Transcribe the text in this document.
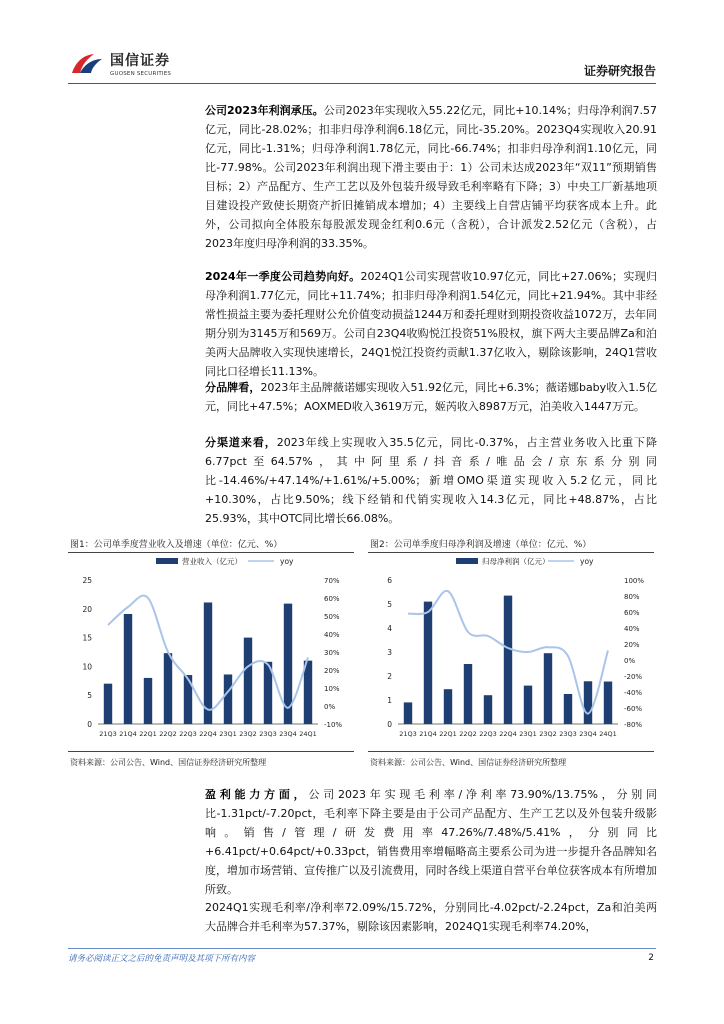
国信证券
GUOSEN SECURITIES	证券研究报告

公司2023年利润承压。公司2023年实现收入55.22亿元，同比+10.14%；归母净利润7.57亿元，同比-28.02%；扣非归母净利润6.18亿元，同比-35.20%。2023Q4实现收入20.91亿元，同比-1.31%；归母净利润1.78亿元，同比-66.74%；扣非归母净利润1.10亿元，同比-77.98%。公司2023年利润出现下滑主要由于：1）公司未达成2023年“双11”预期销售目标；2）产品配方、生产工艺以及外包装升级导致毛利率略有下降；3）中央工厂新基地项目建设投产致使长期资产折旧摊销成本增加；4）主要线上自营店铺平均获客成本上升。此外，公司拟向全体股东每股派发现金红利0.6元（含税），合计派发2.52亿元（含税），占2023年度归母净利润的33.35%。

2024年一季度公司趋势向好。2024Q1公司实现营收10.97亿元，同比+27.06%；实现归母净利润1.77亿元，同比+11.74%；扣非归母净利润1.54亿元，同比+21.94%。其中非经常性损益主要为委托理财公允价值变动损益1244万和委托理财到期投资收益1072万，去年同期分别为3145万和569万。公司自23Q4收购悦江投资51%股权，旗下两大主要品牌Za和泊美两大品牌收入实现快速增长，24Q1悦江投资约贡献1.37亿收入，剔除该影响，24Q1营收同比口径增长11.13%。

分品牌看，2023年主品牌薇诺娜实现收入51.92亿元，同比+6.3%；薇诺娜baby收入1.5亿元，同比+47.5%；AOXMED收入3619万元，姬芮收入8987万元，泊美收入1447万元。

分渠道来看，2023年线上实现收入35.5亿元，同比-0.37%，占主营业务收入比重下降6.77pct至64.57%，其中阿里系/抖音系/唯品会/京东系分别同比-14.46%/+47.14%/+1.61%/+5.00%；新增OMO渠道实现收入5.2亿元，同比+10.30%，占比9.50%；线下经销和代销实现收入14.3亿元，同比+48.87%，占比25.93%，其中OTC同比增长66.08%。

图1：公司单季度营业收入及增速（单位：亿元、%）
营业收入（亿元）	yoy
0
5
10
15
20
25
-10%
0%
10%
20%
30%
40%
50%
60%
70%
21Q3 21Q4 22Q1 22Q2 22Q3 22Q4 23Q1 23Q2 23Q3 23Q4 24Q1
资料来源：公司公告、Wind、国信证券经济研究所整理
图2：公司单季度归母净利润及增速（单位：亿元、%）
归母净利润（亿元）	yoy
0
1
2
3
4
5
6
-80%
-60%
-40%
-20%
0%
20%
40%
60%
80%
100%
21Q3 21Q4 22Q1 22Q2 22Q3 22Q4 23Q1 23Q2 23Q3 23Q4 24Q1
资料来源：公司公告、Wind、国信证券经济研究所整理

盈利能力方面，公司2023年实现毛利率/净利率73.90%/13.75%，分别同比-1.31pct/-7.20pct，毛利率下降主要是由于公司产品配方、生产工艺以及外包装升级影响。销售/管理/研发费用率47.26%/7.48%/5.41%，分别同比+6.41pct/+0.64pct/+0.33pct，销售费用率增幅略高主要系公司为进一步提升各品牌知名度，增加市场营销、宣传推广以及引流费用，同时各线上渠道自营平台单位获客成本有所增加所致。

2024Q1实现毛利率/净利率72.09%/15.72%，分别同比-4.02pct/-2.24pct，Za和泊美两大品牌合并毛利率为57.37%，剔除该因素影响，2024Q1实现毛利率74.20%，

请务必阅读正文之后的免责声明及其项下所有内容	2
